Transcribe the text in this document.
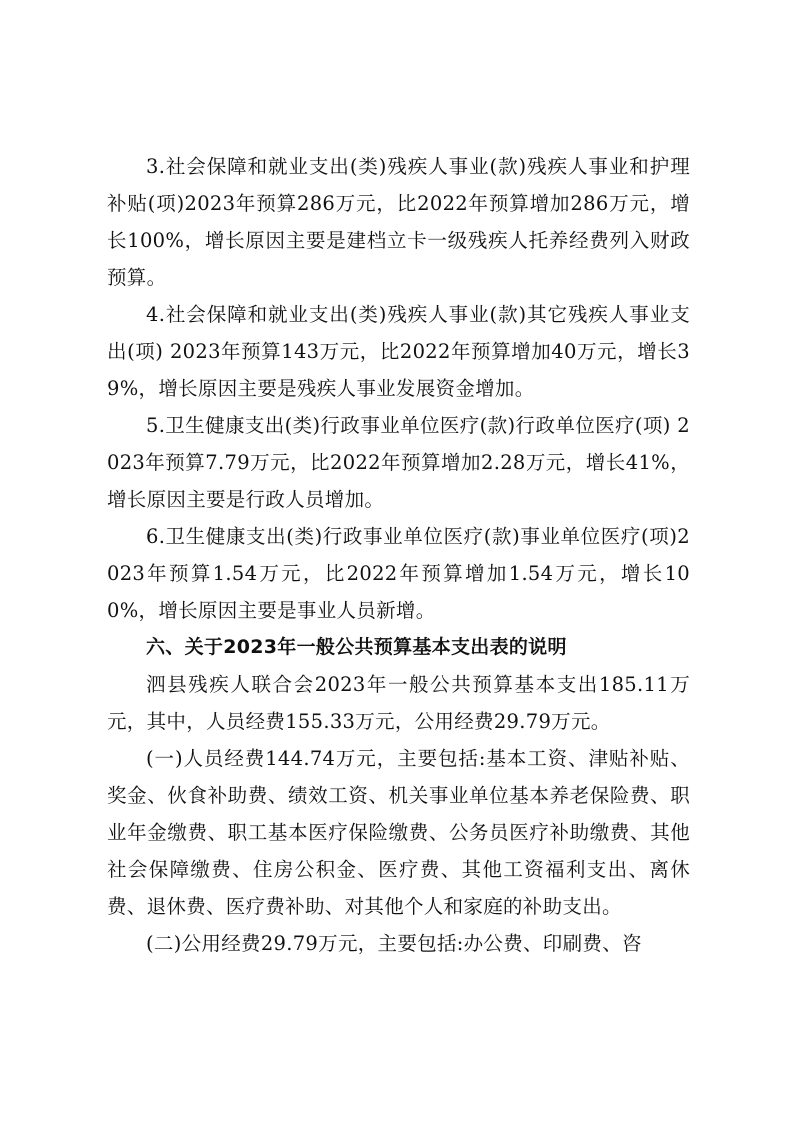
3.社会保障和就业支出(类)残疾人事业(款)残疾人事业和护理补贴(项)2023年预算286万元，比2022年预算增加286万元，增长100%，增长原因主要是建档立卡一级残疾人托养经费列入财政预算。

4.社会保障和就业支出(类)残疾人事业(款)其它残疾人事业支出(项) 2023年预算143万元，比2022年预算增加40万元，增长39%，增长原因主要是残疾人事业发展资金增加。

5.卫生健康支出(类)行政事业单位医疗(款)行政单位医疗(项) 2023年预算7.79万元，比2022年预算增加2.28万元，增长41%，增长原因主要是行政人员增加。

6.卫生健康支出(类)行政事业单位医疗(款)事业单位医疗(项)2023年预算1.54万元，比2022年预算增加1.54万元，增长100%，增长原因主要是事业人员新增。

六、关于2023年一般公共预算基本支出表的说明

泗县残疾人联合会2023年一般公共预算基本支出185.11万元，其中，人员经费155.33万元，公用经费29.79万元。

(一)人员经费144.74万元，主要包括:基本工资、津贴补贴、奖金、伙食补助费、绩效工资、机关事业单位基本养老保险费、职业年金缴费、职工基本医疗保险缴费、公务员医疗补助缴费、其他社会保障缴费、住房公积金、医疗费、其他工资福利支出、离休费、退休费、医疗费补助、对其他个人和家庭的补助支出。

(二)公用经费29.79万元，主要包括:办公费、印刷费、咨
